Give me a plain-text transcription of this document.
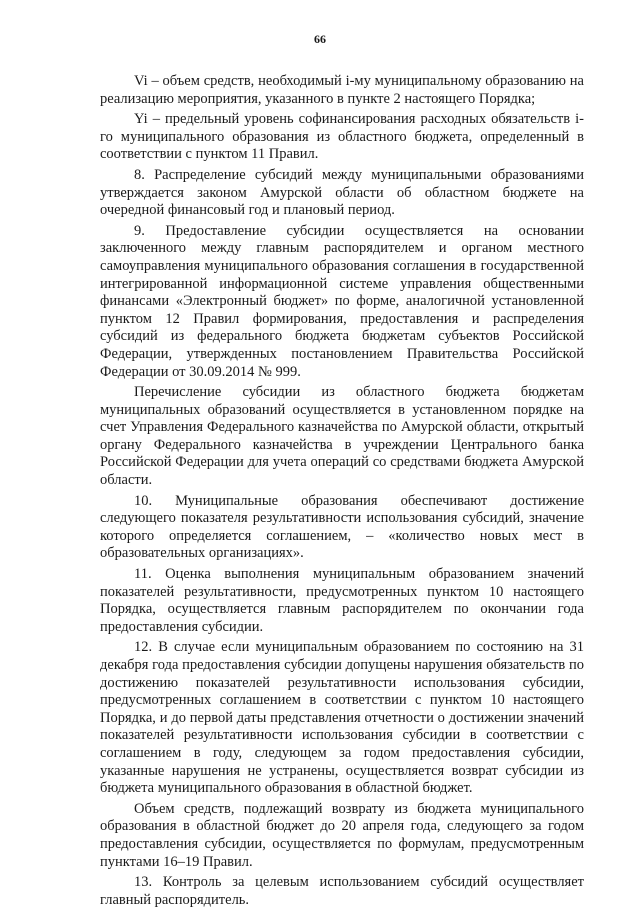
66

Vi – объем средств, необходимый i-му муниципальному образованию на реализацию мероприятия, указанного в пункте 2 настоящего Порядка;

Yi – предельный уровень софинансирования расходных обязательств i-го муниципального образования из областного бюджета, определенный в соответствии с пунктом 11 Правил.

8. Распределение субсидий между муниципальными образованиями утверждается законом Амурской области об областном бюджете на очередной финансовый год и плановый период.

9. Предоставление субсидии осуществляется на основании заключенного между главным распорядителем и органом местного самоуправления муниципального образования соглашения в государственной интегрированной информационной системе управления общественными финансами «Электронный бюджет» по форме, аналогичной установленной пунктом 12 Правил формирования, предоставления и распределения субсидий из федерального бюджета бюджетам субъектов Российской Федерации, утвержденных постановлением Правительства Российской Федерации от 30.09.2014 № 999.

Перечисление субсидии из областного бюджета бюджетам муниципальных образований осуществляется в установленном порядке на счет Управления Федерального казначейства по Амурской области, открытый органу Федерального казначейства в учреждении Центрального банка Российской Федерации для учета операций со средствами бюджета Амурской области.

10. Муниципальные образования обеспечивают достижение следующего показателя результативности использования субсидий, значение которого определяется соглашением, – «количество новых мест в образовательных организациях».

11. Оценка выполнения муниципальным образованием значений показателей результативности, предусмотренных пунктом 10 настоящего Порядка, осуществляется главным распорядителем по окончании года предоставления субсидии.

12. В случае если муниципальным образованием по состоянию на 31 декабря года предоставления субсидии допущены нарушения обязательств по достижению показателей результативности использования субсидии, предусмотренных соглашением в соответствии с пунктом 10 настоящего Порядка, и до первой даты представления отчетности о достижении значений показателей результативности использования субсидии в соответствии с соглашением в году, следующем за годом предоставления субсидии, указанные нарушения не устранены, осуществляется возврат субсидии из бюджета муниципального образования в областной бюджет.

Объем средств, подлежащий возврату из бюджета муниципального образования в областной бюджет до 20 апреля года, следующего за годом предоставления субсидии, осуществляется по формулам, предусмотренным пунктами 16–19 Правил.

13. Контроль за целевым использованием субсидий осуществляет главный распорядитель.
